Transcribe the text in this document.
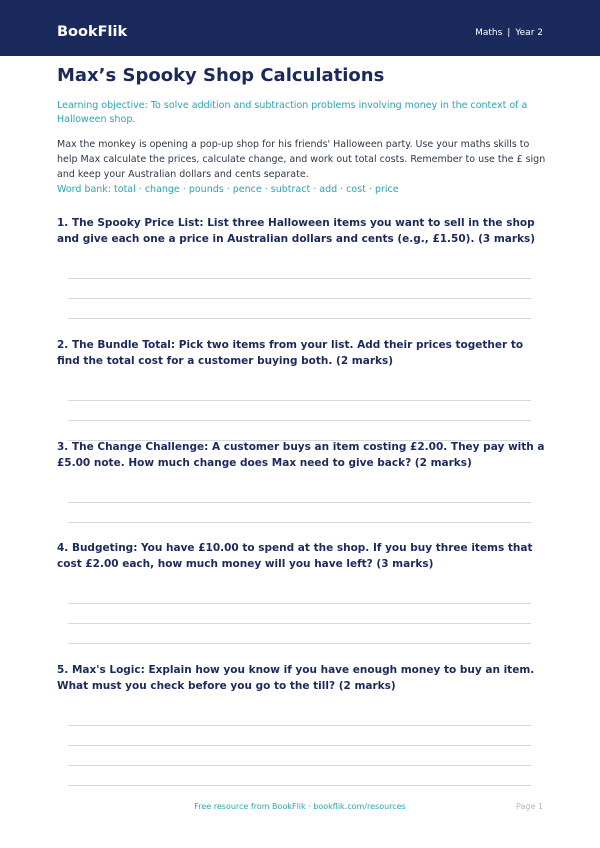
BookFlik	Maths | Year 2
Max’s Spooky Shop Calculations
Learning objective: To solve addition and subtraction problems involving money in the context of a Halloween shop.
Max the monkey is opening a pop-up shop for his friends' Halloween party. Use your maths skills to help Max calculate the prices, calculate change, and work out total costs. Remember to use the £ sign and keep your Australian dollars and cents separate.
Word bank: total · change · pounds · pence · subtract · add · cost · price
1. The Spooky Price List: List three Halloween items you want to sell in the shop and give each one a price in Australian dollars and cents (e.g., £1.50). (3 marks)
2. The Bundle Total: Pick two items from your list. Add their prices together to find the total cost for a customer buying both. (2 marks)
3. The Change Challenge: A customer buys an item costing £2.00. They pay with a £5.00 note. How much change does Max need to give back? (2 marks)
4. Budgeting: You have £10.00 to spend at the shop. If you buy three items that cost £2.00 each, how much money will you have left? (3 marks)
5. Max's Logic: Explain how you know if you have enough money to buy an item. What must you check before you go to the till? (2 marks)
Free resource from BookFlik · bookflik.com/resources	Page 1
